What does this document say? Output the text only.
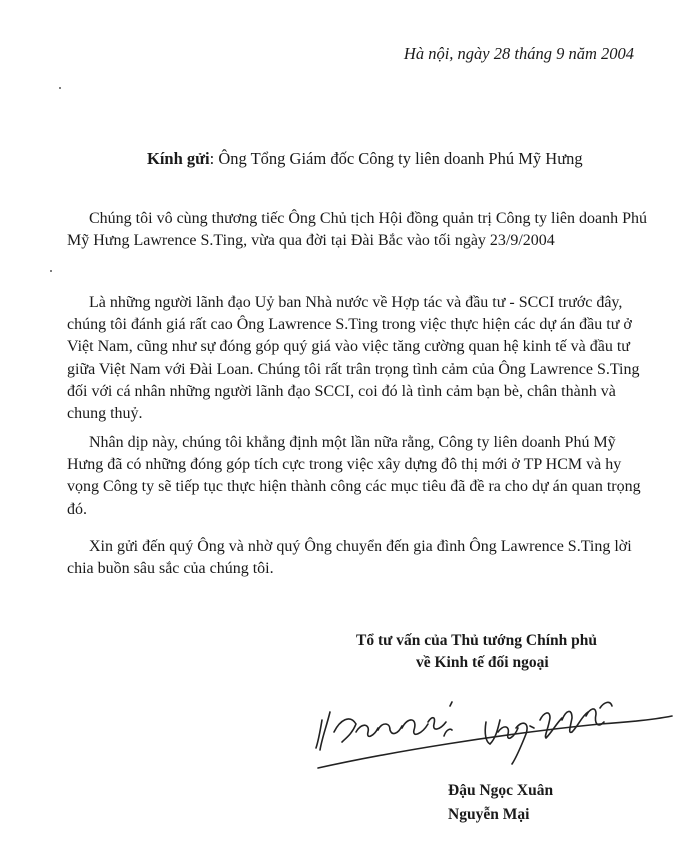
Hà nội, ngày 28 tháng 9 năm 2004
Kính gửi: Ông Tổng Giám đốc Công ty liên doanh Phú Mỹ Hưng

Chúng tôi vô cùng thương tiếc Ông Chủ tịch Hội đồng quản trị Công ty liên doanh Phú Mỹ Hưng Lawrence S.Ting, vừa qua đời tại Đài Bắc vào tối ngày 23/9/2004

Là những người lãnh đạo Uỷ ban Nhà nước về Hợp tác và đầu tư - SCCI trước đây, chúng tôi đánh giá rất cao Ông Lawrence S.Ting trong việc thực hiện các dự án đầu tư ở Việt Nam, cũng như sự đóng góp quý giá vào việc tăng cường quan hệ kinh tế và đầu tư giữa Việt Nam với Đài Loan. Chúng tôi rất trân trọng tình cảm của Ông Lawrence S.Ting đối với cá nhân những người lãnh đạo SCCI, coi đó là tình cảm bạn bè, chân thành và chung thuỷ.

Nhân dịp này, chúng tôi khẳng định một lần nữa rằng, Công ty liên doanh Phú Mỹ Hưng đã có những đóng góp tích cực trong việc xây dựng đô thị mới ở TP HCM và hy vọng Công ty sẽ tiếp tục thực hiện thành công các mục tiêu đã đề ra cho dự án quan trọng đó.

Xin gửi đến quý Ông và nhờ quý Ông chuyển đến gia đình Ông Lawrence S.Ting lời chia buồn sâu sắc của chúng tôi.

Tổ tư vấn của Thủ tướng Chính phủ
về Kinh tế đối ngoại
Đậu Ngọc Xuân
Nguyễn Mại
